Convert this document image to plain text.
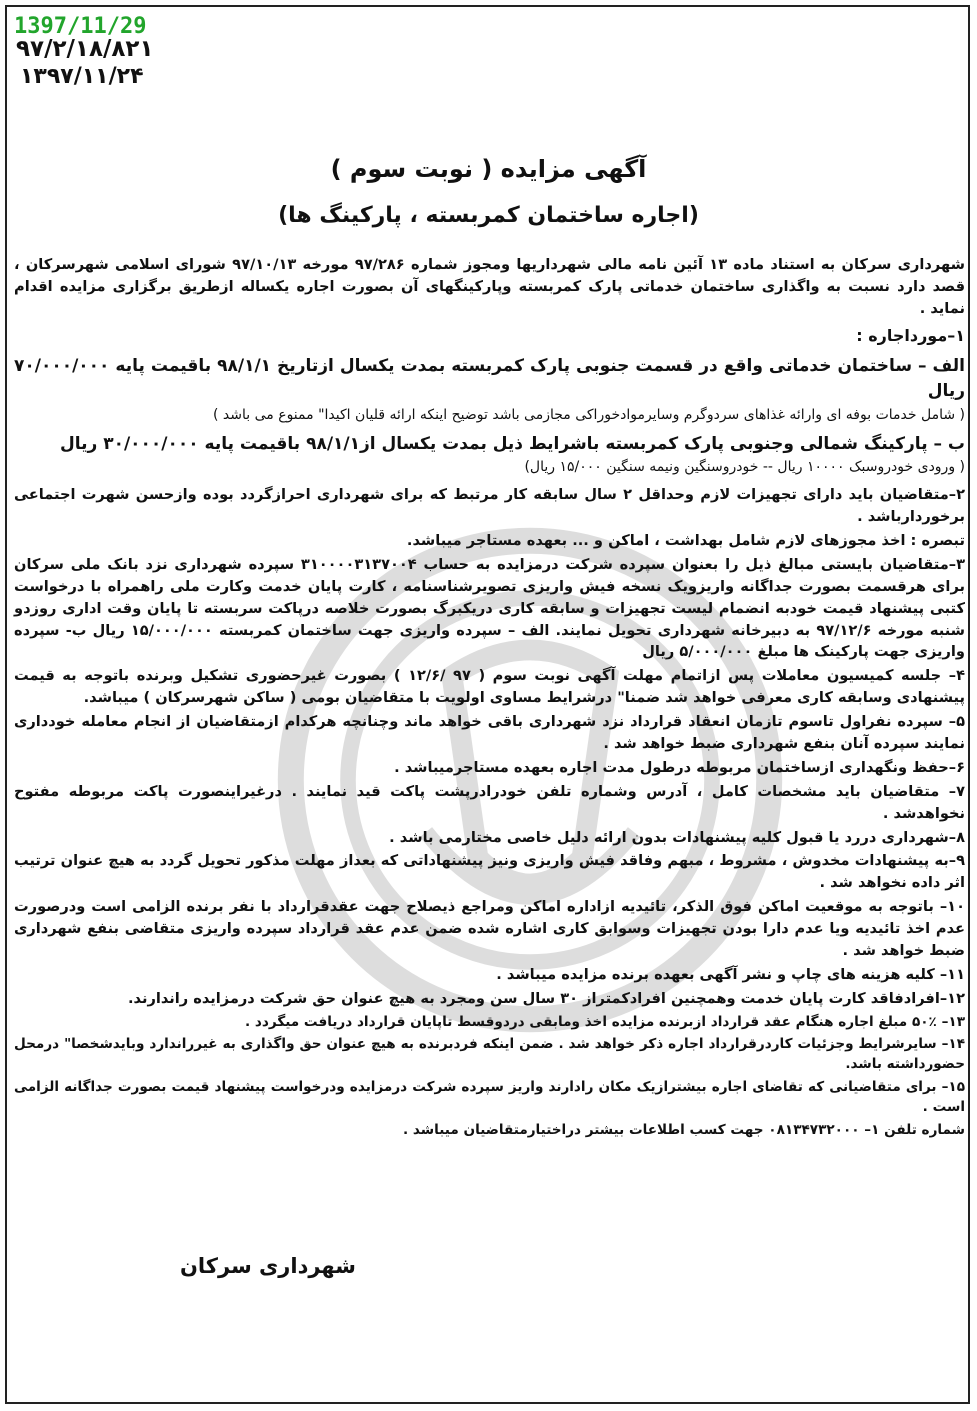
1397/11/29
۹۷/۲/۱۸/۸۲۱
۱۳۹۷/۱۱/۲۴
آگهی مزایده ( نوبت سوم )
(اجاره ساختمان کمربسته ، پارکینگ ها)

شهرداری سرکان به استناد ماده ۱۳ آئین نامه مالی شهرداریها ومجوز شماره ۹۷/۲۸۶ مورخه ۹۷/۱۰/۱۳ شورای اسلامی شهرسرکان ، قصد دارد نسبت به واگذاری ساختمان خدماتی پارک کمربسته وپارکینگهای آن بصورت اجاره یکساله ازطریق برگزاری مزایده اقدام نماید .

۱–مورداجاره :

الف – ساختمان خدماتی واقع در قسمت جنوبی پارک کمربسته بمدت یکسال ازتاریخ ۹۸/۱/۱ باقیمت پایه ۷۰/۰۰۰/۰۰۰ ریال

( شامل خدمات بوفه ای وارائه غذاهای سردوگرم وسایرموادخوراکی مجازمی باشد توضیح اینکه ارائه قلیان اکیدا" ممنوع می باشد )

ب – پارکینگ شمالی وجنوبی پارک کمربسته باشرایط ذیل بمدت یکسال از۹۸/۱/۱ باقیمت پایه ۳۰/۰۰۰/۰۰۰ ریال

( ورودی خودروسبک ۱۰۰۰۰ ریال -- خودروسنگین ونیمه سنگین ۱۵/۰۰۰ ریال)

۲–متقاضیان باید دارای تجهیزات لازم وحداقل ۲ سال سابقه کار مرتبط که برای شهرداری احرازگردد بوده وازحسن شهرت اجتماعی برخوردارباشد .

تبصره : اخذ مجوزهای لازم شامل بهداشت ، اماکن و ... بعهده مستاجر میباشد.

۳–متقاضیان بایستی مبالغ ذیل را بعنوان سپرده شرکت درمزایده به حساب ۳۱۰۰۰۰۳۱۳۷۰۰۴ سپرده شهرداری نزد بانک ملی سرکان برای هرقسمت بصورت جداگانه واریزویک نسخه فیش واریزی تصویرشناسنامه ، کارت پایان خدمت وکارت ملی راهمراه با درخواست کتبی پیشنهاد قیمت خودبه انضمام لیست تجهیزات و سابقه کاری دریکبرگ بصورت خلاصه درپاکت سربسته تا پایان وقت اداری روزدو شنبه مورخه ۹۷/۱۲/۶ به دبیرخانه شهرداری تحویل نمایند. الف – سپرده واریزی جهت ساختمان کمربسته ۱۵/۰۰۰/۰۰۰ ریال ب- سپرده واریزی جهت پارکینک ها مبلغ ۵/۰۰۰/۰۰۰ ریال

۴– جلسه کمیسیون معاملات پس ازاتمام مهلت آگهی نوبت سوم ( ۹۷ /۱۲/۶ ) بصورت غیرحضوری تشکیل وبرنده باتوجه به قیمت پیشنهادی وسابقه کاری معرفی خواهد شد ضمنا" درشرایط مساوی اولویت با متقاضیان بومی ( ساکن شهرسرکان ) میباشد.

۵– سپرده نفراول تاسوم تازمان انعقاد قرارداد نزد شهرداری باقی خواهد ماند وچنانچه هرکدام ازمتقاضیان از انجام معامله خودداری نمایند سپرده آنان بنفع شهرداری ضبط خواهد شد .

۶–حفظ ونگهداری ازساختمان مربوطه درطول مدت اجاره بعهده مستاجرمیباشد .

۷– متقاضیان باید مشخصات کامل ، آدرس وشماره تلفن خودرادرپشت پاکت قید نمایند . درغیراینصورت پاکت مربوطه مفتوح نخواهدشد .

۸–شهرداری دررد یا قبول کلیه پیشنهادات بدون ارائه دلیل خاصی مختارمی باشد .

۹–به پیشنهادات مخدوش ، مشروط ، مبهم وفاقد فیش واریزی ونیز پیشنهاداتی که بعداز مهلت مذکور تحویل گردد به هیچ عنوان ترتیب اثر داده نخواهد شد .

۱۰– باتوجه به موقعیت اماکن فوق الذکر، تائیدیه ازاداره اماکن ومراجع ذیصلاح جهت عقدقرارداد با نفر برنده الزامی است ودرصورت عدم اخذ تائیدیه ویا عدم دارا بودن تجهیزات وسوابق کاری اشاره شده ضمن عدم عقد قرارداد سپرده واریزی متقاضی بنفع شهرداری ضبط خواهد شد .

۱۱– کلیه هزینه های چاپ و نشر آگهی بعهده برنده مزایده میباشد .

۱۲–افرادفاقد کارت پایان خدمت وهمچنین افرادکمتراز ۳۰ سال سن ومجرد به هیچ عنوان حق شرکت درمزایده راندارند.

۱۳– ۵۰٪ مبلغ اجاره هنگام عقد قرارداد ازبرنده مزایده اخذ ومابقی دردوقسط تاپایان قرارداد دریافت میگردد .

۱۴– سایرشرایط وجزئیات کاردرقرارداد اجاره ذکر خواهد شد . ضمن اینکه فردبرنده به هیچ عنوان حق واگذاری به غیرراندارد وبایدشخصا" درمحل حضورداشته باشد.

۱۵– برای متقاضیانی که تقاضای اجاره بیشترازیک مکان رادارند واریز سپرده شرکت درمزایده ودرخواست پیشنهاد قیمت بصورت جداگانه الزامی است .

شماره تلفن ۱– ۰۸۱۳۴۷۳۲۰۰۰ جهت کسب اطلاعات بیشتر دراختیارمتقاضیان میباشد .

شهرداری سرکان
